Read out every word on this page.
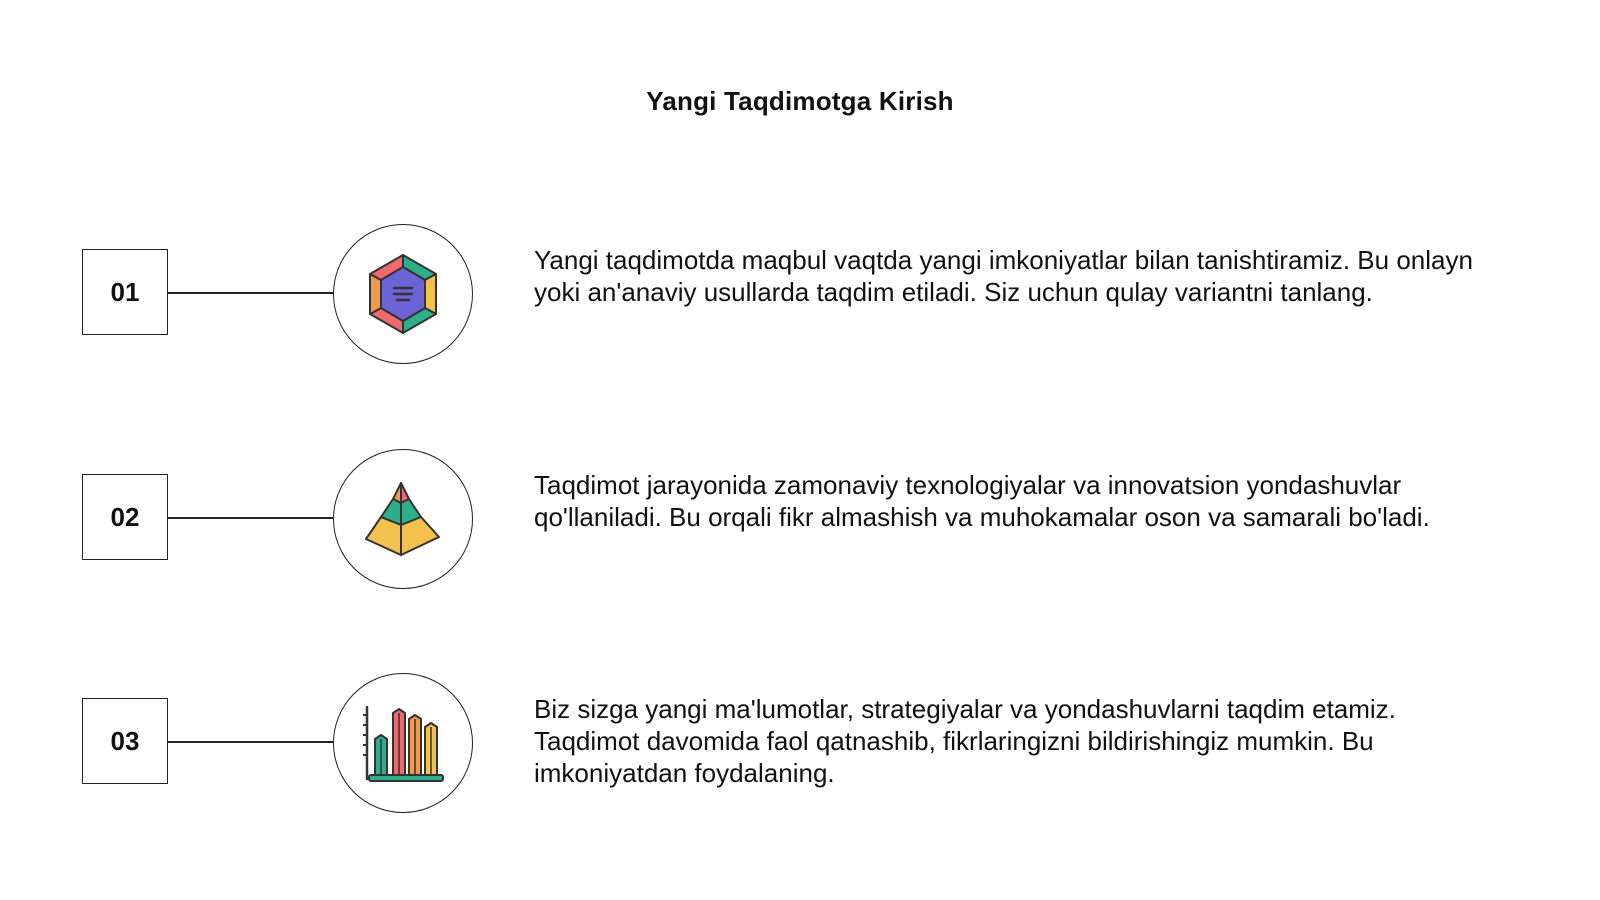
Yangi Taqdimotga Kirish
01
Yangi taqdimotda maqbul vaqtda yangi imkoniyatlar bilan tanishtiramiz. Bu onlayn yoki an'anaviy usullarda taqdim etiladi. Siz uchun qulay variantni tanlang.
02
Taqdimot jarayonida zamonaviy texnologiyalar va innovatsion yondashuvlar qo'llaniladi. Bu orqali fikr almashish va muhokamalar oson va samarali bo'ladi.
03
Biz sizga yangi ma'lumotlar, strategiyalar va yondashuvlarni taqdim etamiz. Taqdimot davomida faol qatnashib, fikrlaringizni bildirishingiz mumkin. Bu imkoniyatdan foydalaning.
